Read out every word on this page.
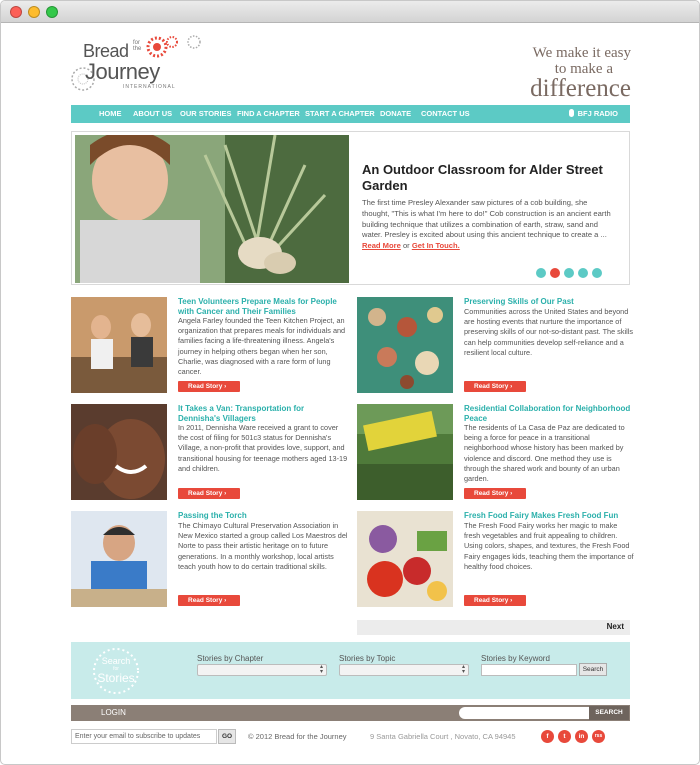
Bread for the
Journey
INTERNATIONAL
We make it easy
to make a
difference
HOME ABOUT US OUR STORIES FIND A CHAPTER START A CHAPTER DONATE CONTACT US	BFJ RADIO
An Outdoor Classroom for Alder Street Garden
The first time Presley Alexander saw pictures of a cob building, she thought, "This is what I'm here to do!" Cob construction is an ancient earth building technique that utilizes a combination of earth, straw, sand and water. Presley is excited about using this ancient technique to create a ... Read More or Get In Touch.
Teen Volunteers Prepare Meals for People with Cancer and Their Families
Angela Farley founded the Teen Kitchen Project, an organization that prepares meals for individuals and families facing a life-threatening illness. Angela's journey in helping others began when her son, Charlie, was diagnosed with a rare form of lung cancer.
Read Story ›
Preserving Skills of Our Past
Communities across the United States and beyond are hosting events that nurture the importance of preserving skills of our not-so-distant past. The skills can help communities develop self-reliance and a resilient local culture.
Read Story ›
It Takes a Van: Transportation for Dennisha's Villagers
In 2011, Dennisha Ware received a grant to cover the cost of filing for 501c3 status for Dennisha's Village, a non-profit that provides love, support, and transitional housing for teenage mothers aged 13-19 and children.
Read Story ›
Residential Collaboration for Neighborhood Peace
The residents of La Casa de Paz are dedicated to being a force for peace in a transitional neighborhood whose history has been marked by violence and discord. One method they use is through the shared work and bounty of an urban garden.
Read Story ›
Passing the Torch
The Chimayo Cultural Preservation Association in New Mexico started a group called Los Maestros del Norte to pass their artistic heritage on to future generations. In a monthly workshop, local artists teach youth how to do certain traditional skills.
Read Story ›
Fresh Food Fairy Makes Fresh Food Fun
The Fresh Food Fairy works her magic to make fresh vegetables and fruit appealing to children. Using colors, shapes, and textures, the Fresh Food Fairy engages kids, teaching them the importance of healthy food choices.
Read Story ›
Next
Search
for
Stories
Stories by Chapter
▴
▾
Stories by Topic
▴
▾
Stories by Keyword
Search
LOGIN	SEARCH
Enter your email to subscribe to updates	GO	© 2012 Bread for the Journey	9 Santa Gabriella Court , Novato, CA 94945	f	t	in	rss
